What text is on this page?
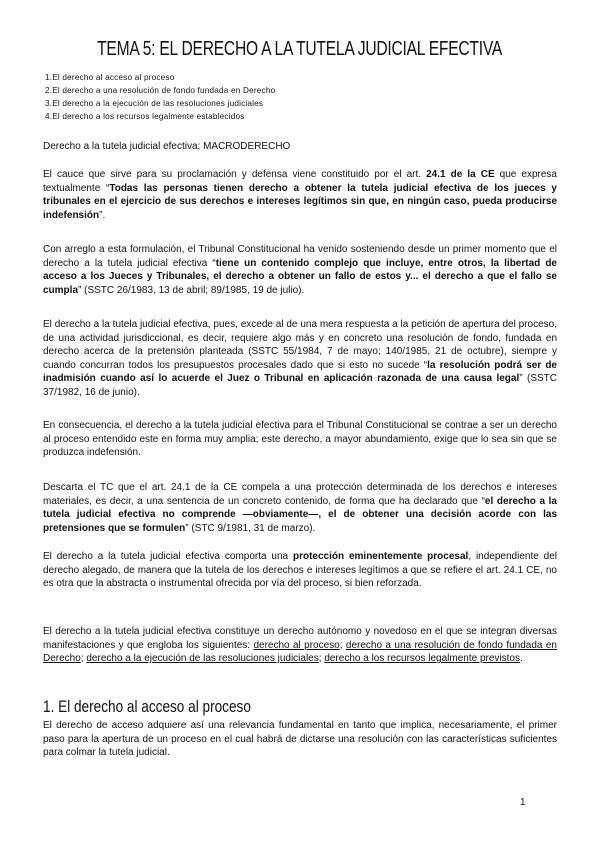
TEMA 5: EL DERECHO A LA TUTELA JUDICIAL EFECTIVA
1.El derecho al acceso al proceso
2.El derecho a una resolución de fondo fundada en Derecho
3.El derecho a la ejecución de las resoluciones judiciales
4.El derecho a los recursos legalmente establecidos
Derecho a la tutela judicial efectiva: MACRODERECHO
El cauce que sirve para su proclamación y defensa viene constituido por el art. 24.1 de la CE que expresa textualmente “Todas las personas tienen derecho a obtener la tutela judicial efectiva de los jueces y tribunales en el ejercicio de sus derechos e intereses legítimos sin que, en ningún caso, pueda producirse indefensión”.
Con arreglo a esta formulación, el Tribunal Constitucional ha venido sosteniendo desde un primer momento que el derecho a la tutela judicial efectiva “tiene un contenido complejo que incluye, entre otros, la libertad de acceso a los Jueces y Tribunales, el derecho a obtener un fallo de estos y... el derecho a que el fallo se cumpla” (SSTC 26/1983, 13 de abril; 89/1985, 19 de julio).
El derecho a la tutela judicial efectiva, pues, excede al de una mera respuesta a la petición de apertura del proceso, de una actividad jurisdiccional, es decir, requiere algo más y en concreto una resolución de fondo, fundada en derecho acerca de la pretensión planteada (SSTC 55/1984, 7 de mayo; 140/1985, 21 de octubre), siempre y cuando concurran todos los presupuestos procesales dado que si esto no sucede “la resolución podrá ser de inadmisión cuando así lo acuerde el Juez o Tribunal en aplicación razonada de una causa legal” (SSTC 37/1982, 16 de junio).
En consecuencia, el derecho a la tutela judicial efectiva para el Tribunal Constitucional se contrae a ser un derecho al proceso entendido este en forma muy amplia; este derecho, a mayor abundamiento, exige que lo sea sin que se produzca indefensión.
Descarta el TC que el art. 24.1 de la CE compela a una protección determinada de los derechos e intereses materiales, es decir, a una sentencia de un concreto contenido, de forma que ha declarado que “el derecho a la tutela judicial efectiva no comprende —obviamente—, el de obtener una decisión acorde con las pretensiones que se formulen” (STC 9/1981, 31 de marzo).
El derecho a la tutela judicial efectiva comporta una protección eminentemente procesal, independiente del derecho alegado, de manera que la tutela de los derechos e intereses legítimos a que se refiere el art. 24.1 CE, no es otra que la abstracta o instrumental ofrecida por vía del proceso, si bien reforzada.
El derecho a la tutela judicial efectiva constituye un derecho autónomo y novedoso en el que se integran diversas manifestaciones y que engloba los siguientes: derecho al proceso; derecho a una resolución de fondo fundada en Derecho; derecho a la ejecución de las resoluciones judiciales; derecho a los recursos legalmente previstos.
1. El derecho al acceso al proceso
El derecho de acceso adquiere así una relevancia fundamental en tanto que implica, necesariamente, el primer paso para la apertura de un proceso en el cual habrá de dictarse una resolución con las características suficientes para colmar la tutela judicial.
1
